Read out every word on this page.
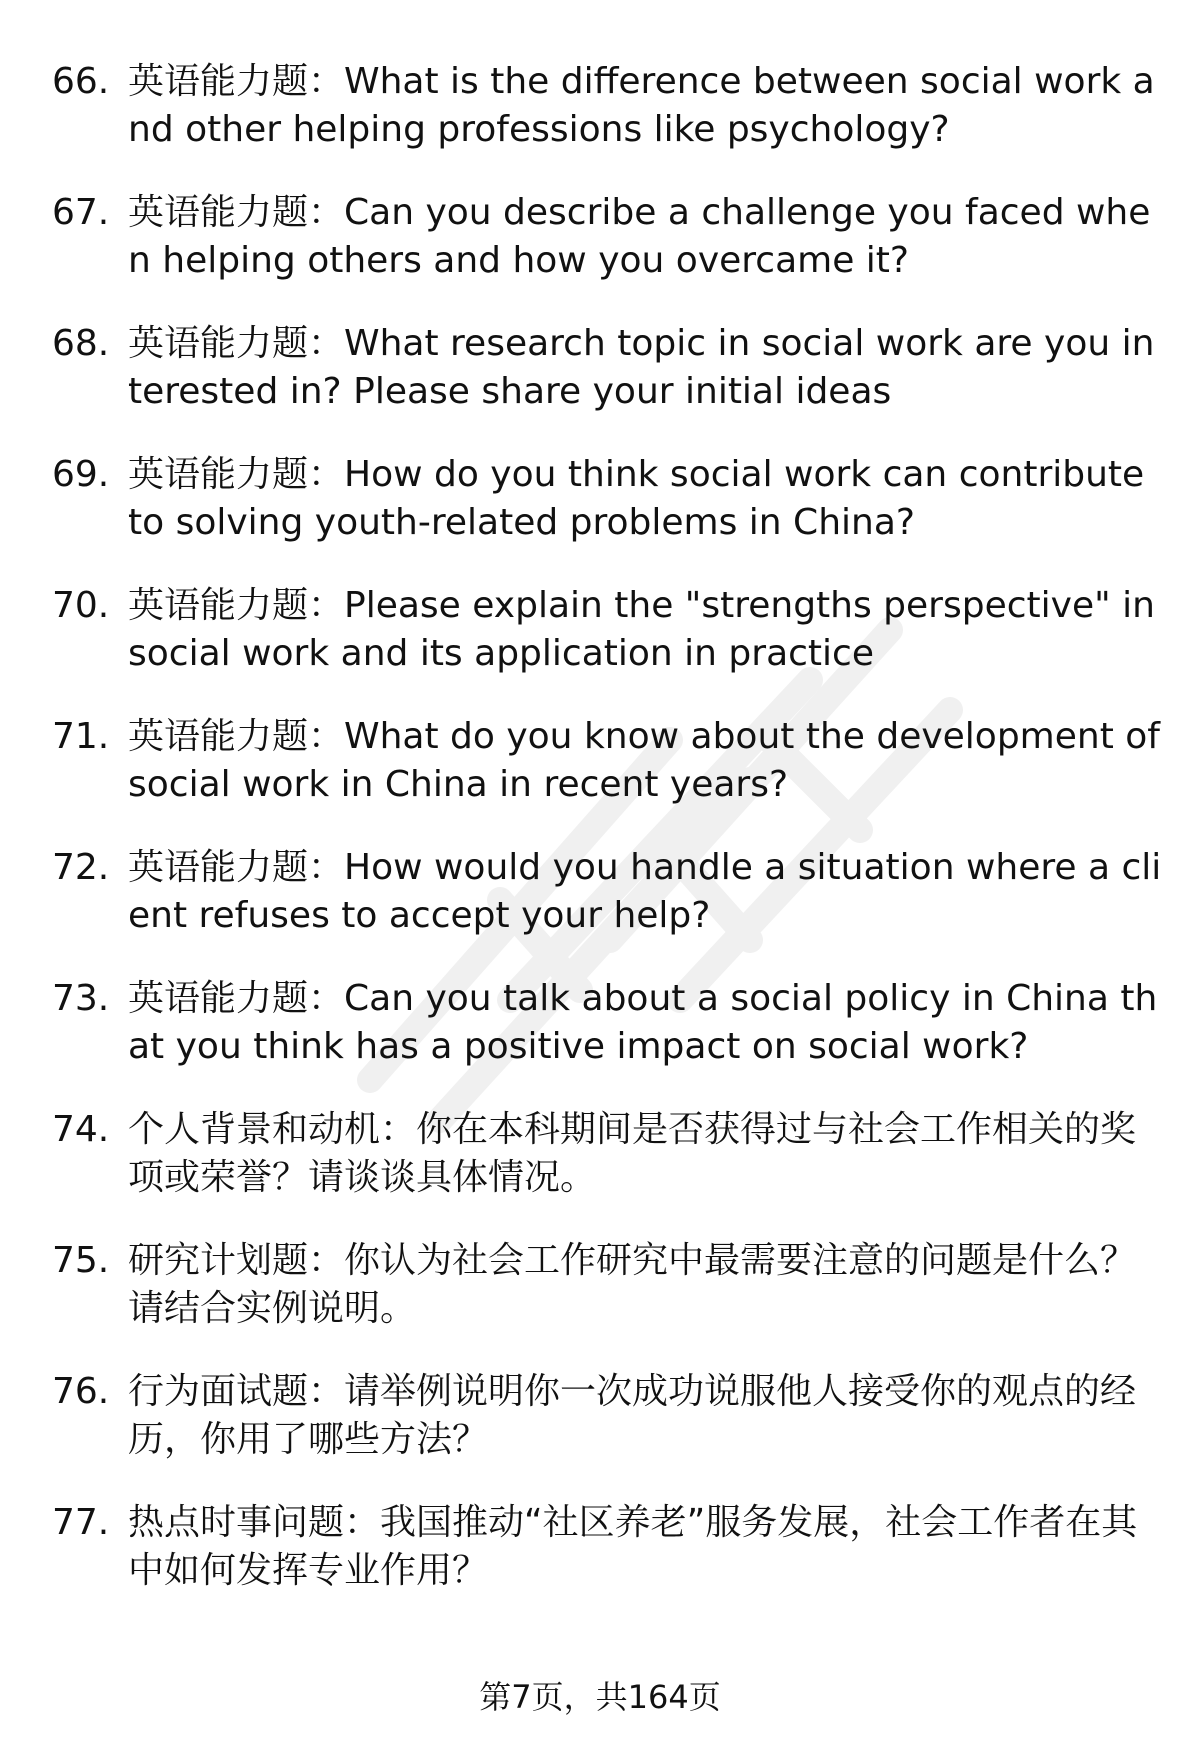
66. 英语能力题：What is the difference between social work and other helping professions like psychology?
67. 英语能力题：Can you describe a challenge you faced when helping others and how you overcame it?
68. 英语能力题：What research topic in social work are you interested in? Please share your initial ideas
69. 英语能力题：How do you think social work can contribute to solving youth-related problems in China?
70. 英语能力题：Please explain the "strengths perspective" in social work and its application in practice
71. 英语能力题：What do you know about the development of social work in China in recent years?
72. 英语能力题：How would you handle a situation where a client refuses to accept your help?
73. 英语能力题：Can you talk about a social policy in China that you think has a positive impact on social work?
74. 个人背景和动机：你在本科期间是否获得过与社会工作相关的奖项或荣誉？请谈谈具体情况。
75. 研究计划题：你认为社会工作研究中最需要注意的问题是什么？请结合实例说明。
76. 行为面试题：请举例说明你一次成功说服他人接受你的观点的经历，你用了哪些方法？
77. 热点时事问题：我国推动“社区养老”服务发展，社会工作者在其中如何发挥专业作用？
第7页，共164页
